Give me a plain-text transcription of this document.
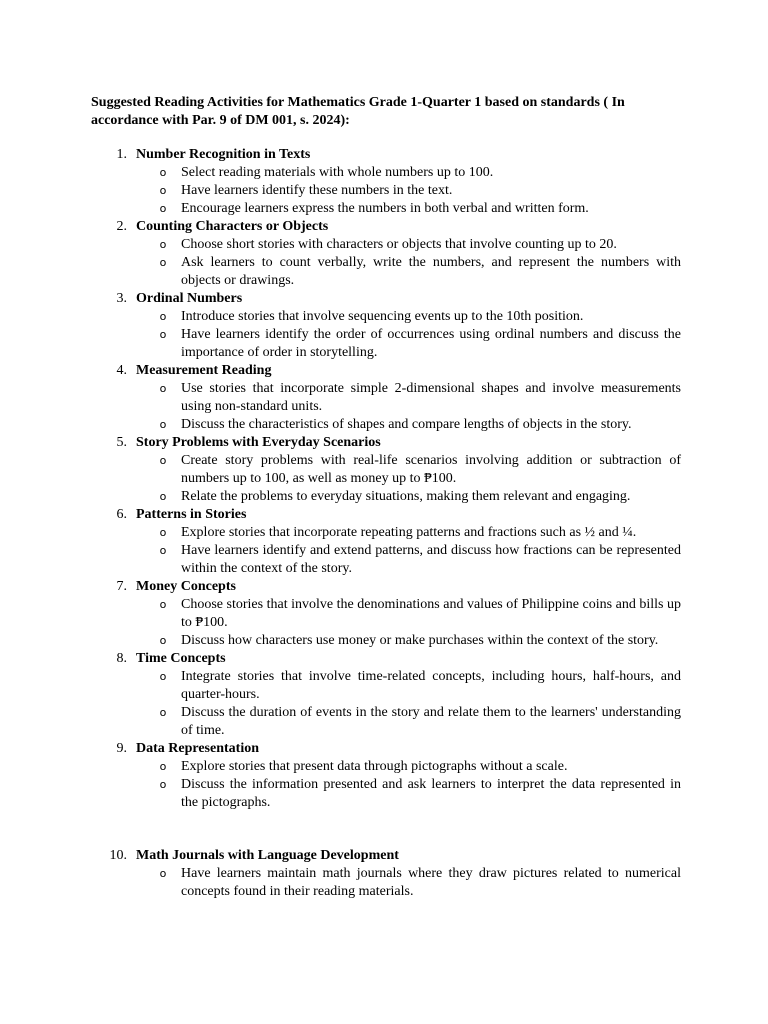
Suggested Reading Activities for Mathematics Grade 1-Quarter 1 based on standards ( In accordance with Par. 9 of DM 001, s. 2024):

1. Number Recognition in Texts
o Select reading materials with whole numbers up to 100.
o Have learners identify these numbers in the text.
o Encourage learners express the numbers in both verbal and written form.
2. Counting Characters or Objects
o Choose short stories with characters or objects that involve counting up to 20.
o Ask learners to count verbally, write the numbers, and represent the numbers with objects or drawings.
3. Ordinal Numbers
o Introduce stories that involve sequencing events up to the 10th position.
o Have learners identify the order of occurrences using ordinal numbers and discuss the importance of order in storytelling.
4. Measurement Reading
o Use stories that incorporate simple 2-dimensional shapes and involve measurements using non-standard units.
o Discuss the characteristics of shapes and compare lengths of objects in the story.
5. Story Problems with Everyday Scenarios
o Create story problems with real-life scenarios involving addition or subtraction of numbers up to 100, as well as money up to ₱100.
o Relate the problems to everyday situations, making them relevant and engaging.
6. Patterns in Stories
o Explore stories that incorporate repeating patterns and fractions such as ½ and ¼.
o Have learners identify and extend patterns, and discuss how fractions can be represented within the context of the story.
7. Money Concepts
o Choose stories that involve the denominations and values of Philippine coins and bills up to ₱100.
o Discuss how characters use money or make purchases within the context of the story.
8. Time Concepts
o Integrate stories that involve time-related concepts, including hours, half-hours, and quarter-hours.
o Discuss the duration of events in the story and relate them to the learners' understanding of time.
9. Data Representation
o Explore stories that present data through pictographs without a scale.
o Discuss the information presented and ask learners to interpret the data represented in the pictographs.
10. Math Journals with Language Development
o Have learners maintain math journals where they draw pictures related to numerical concepts found in their reading materials.
